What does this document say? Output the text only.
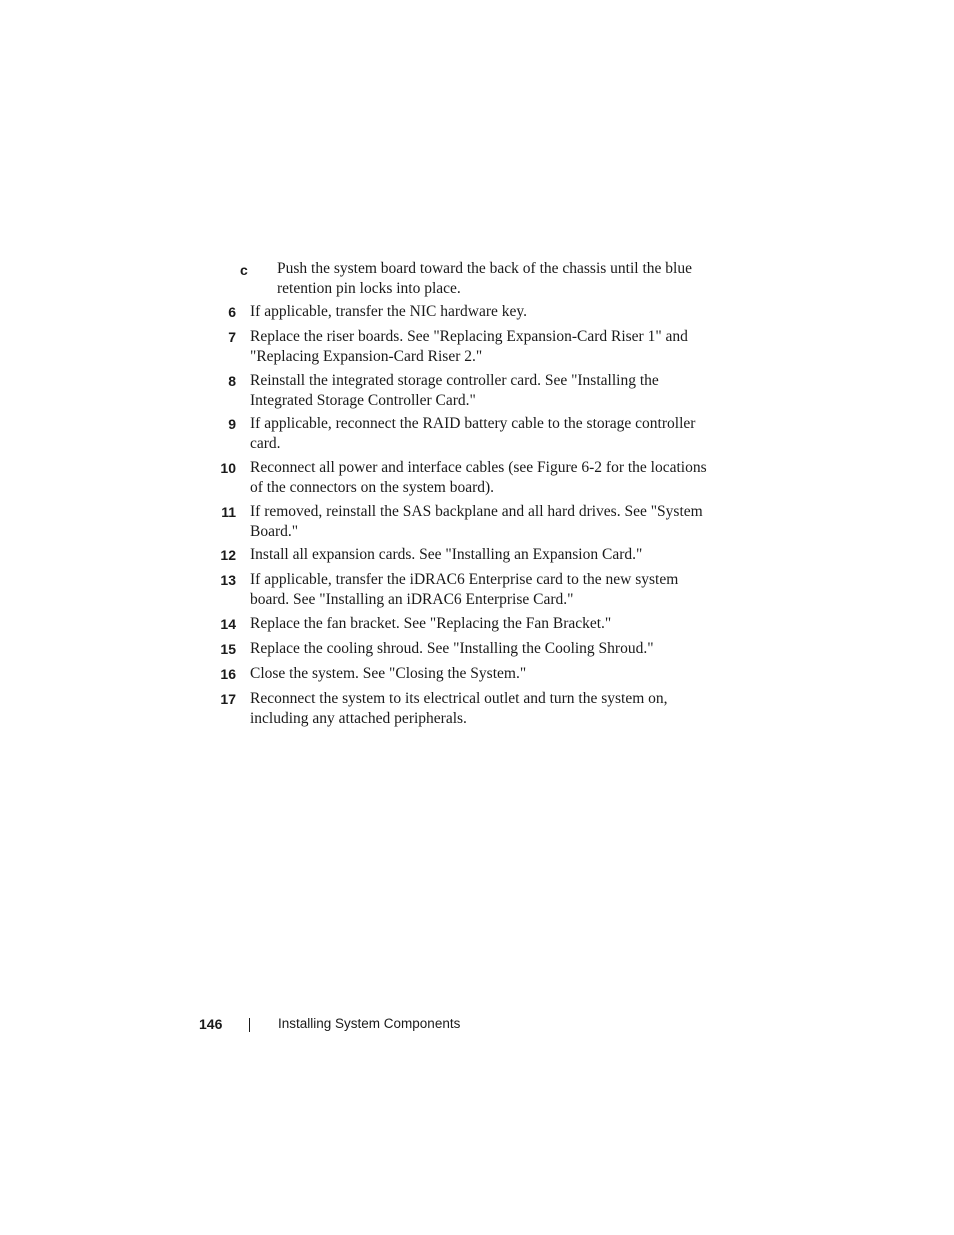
c	Push the system board toward the back of the chassis until the blue retention pin locks into place.
6 If applicable, transfer the NIC hardware key.
7 Replace the riser boards. See "Replacing Expansion-Card Riser 1" and "Replacing Expansion-Card Riser 2."
8 Reinstall the integrated storage controller card. See "Installing the Integrated Storage Controller Card."
9 If applicable, reconnect the RAID battery cable to the storage controller card.
10 Reconnect all power and interface cables (see Figure 6-2 for the locations of the connectors on the system board).
11 If removed, reinstall the SAS backplane and all hard drives. See "System Board."
12 Install all expansion cards. See "Installing an Expansion Card."
13 If applicable, transfer the iDRAC6 Enterprise card to the new system board. See "Installing an iDRAC6 Enterprise Card."
14 Replace the fan bracket. See "Replacing the Fan Bracket."
15 Replace the cooling shroud. See "Installing the Cooling Shroud."
16 Close the system. See "Closing the System."
17 Reconnect the system to its electrical outlet and turn the system on, including any attached peripherals.
146	Installing System Components
